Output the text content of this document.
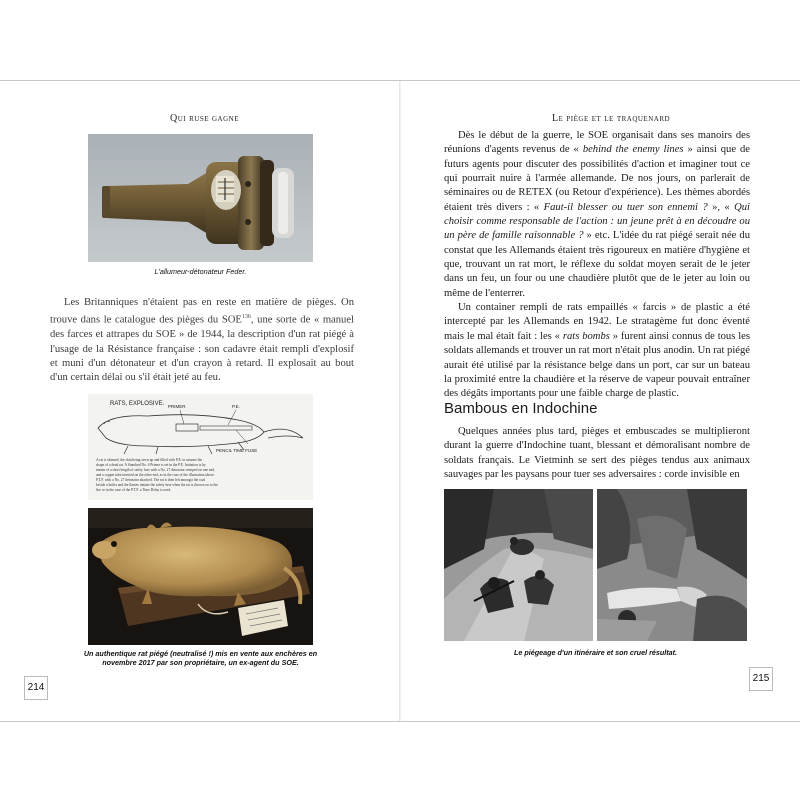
Qui ruse gagne	Le piège et le traquenard
L'allumeur-détonateur Feder.

Les Britanniques n'étaient pas en reste en matière de pièges. On trouve dans le catalogue des pièges du SOE$^{136}$, une sorte de « manuel des farces et attrapes du SOE » de 1944, la description d'un rat piégé à l'usage de la Résistance française : son cadavre était rempli d'explosif et muni d'un détonateur et d'un crayon à retard. Il explosait au bout d'un certain délai ou s'il était jeté au feu.

RATS, EXPLOSIVE. PRIMER	P.E.
PENCIL TIME FUSE
A rat is skinned, the skin being sewn up and filled with P.E. to assume the
shape of a dead rat. A Standard No. 6 Primer is set in the P.E. Initiation is by
means of a short length of safety fuse with a No. 27 detonator crimped on one end,
and a copper tube inserted on the other end, as in the case of the illustration above.
P.T.F. with a No. 27 detonator attached. The rat is then left amongst the coal
beside a boiler and the flames initiate the safety fuse when the rat is thrown on to the
fire or in the case of the P.T.F. a Time Delay is used.
Un authentique rat piégé (neutralisé !) mis en vente aux enchères en
novembre 2017 par son propriétaire, un ex-agent du SOE.
214

Dès le début de la guerre, le SOE organisait dans ses manoirs des réunions d'agents revenus de « behind the enemy lines » ainsi que de futurs agents pour discuter des possibilités d'action et imaginer tout ce qui pourrait nuire à l'armée allemande. De nos jours, on parlerait de séminaires ou de RETEX (ou Retour d'expérience). Les thèmes abordés étaient très divers : « Faut-il blesser ou tuer son ennemi ? », « Qui choisir comme responsable de l'action : un jeune prêt à en découdre ou un père de famille raisonnable ? » etc. L'idée du rat piégé serait née du constat que les Allemands étaient très rigoureux en matière d'hygiène et que, trouvant un rat mort, le réflexe du soldat moyen serait de le jeter dans un feu, un four ou une chaudière plutôt que de le jeter au loin ou même de l'enterrer.

Un container rempli de rats empaillés « farcis » de plastic a été intercepté par les Allemands en 1942. Le stratagème fut donc éventé mais le mal était fait : les « rats bombs » furent ainsi connus de tous les soldats allemands et trouver un rat mort n'était plus anodin. Un rat piégé aurait été utilisé par la résistance belge dans un port, car sur un bateau la proximité entre la chaudière et la réserve de vapeur pouvait entraîner des dégâts importants pour une faible charge de plastic.

Bambous en Indochine

Quelques années plus tard, pièges et embuscades se multiplieront durant la guerre d'Indochine tuant, blessant et démoralisant nombre de soldats français. Le Vietminh se sert des pièges tendus aux animaux sauvages par les paysans pour tuer ses adversaires : corde invisible en

Le piégeage d'un itinéraire et son cruel résultat.
215
